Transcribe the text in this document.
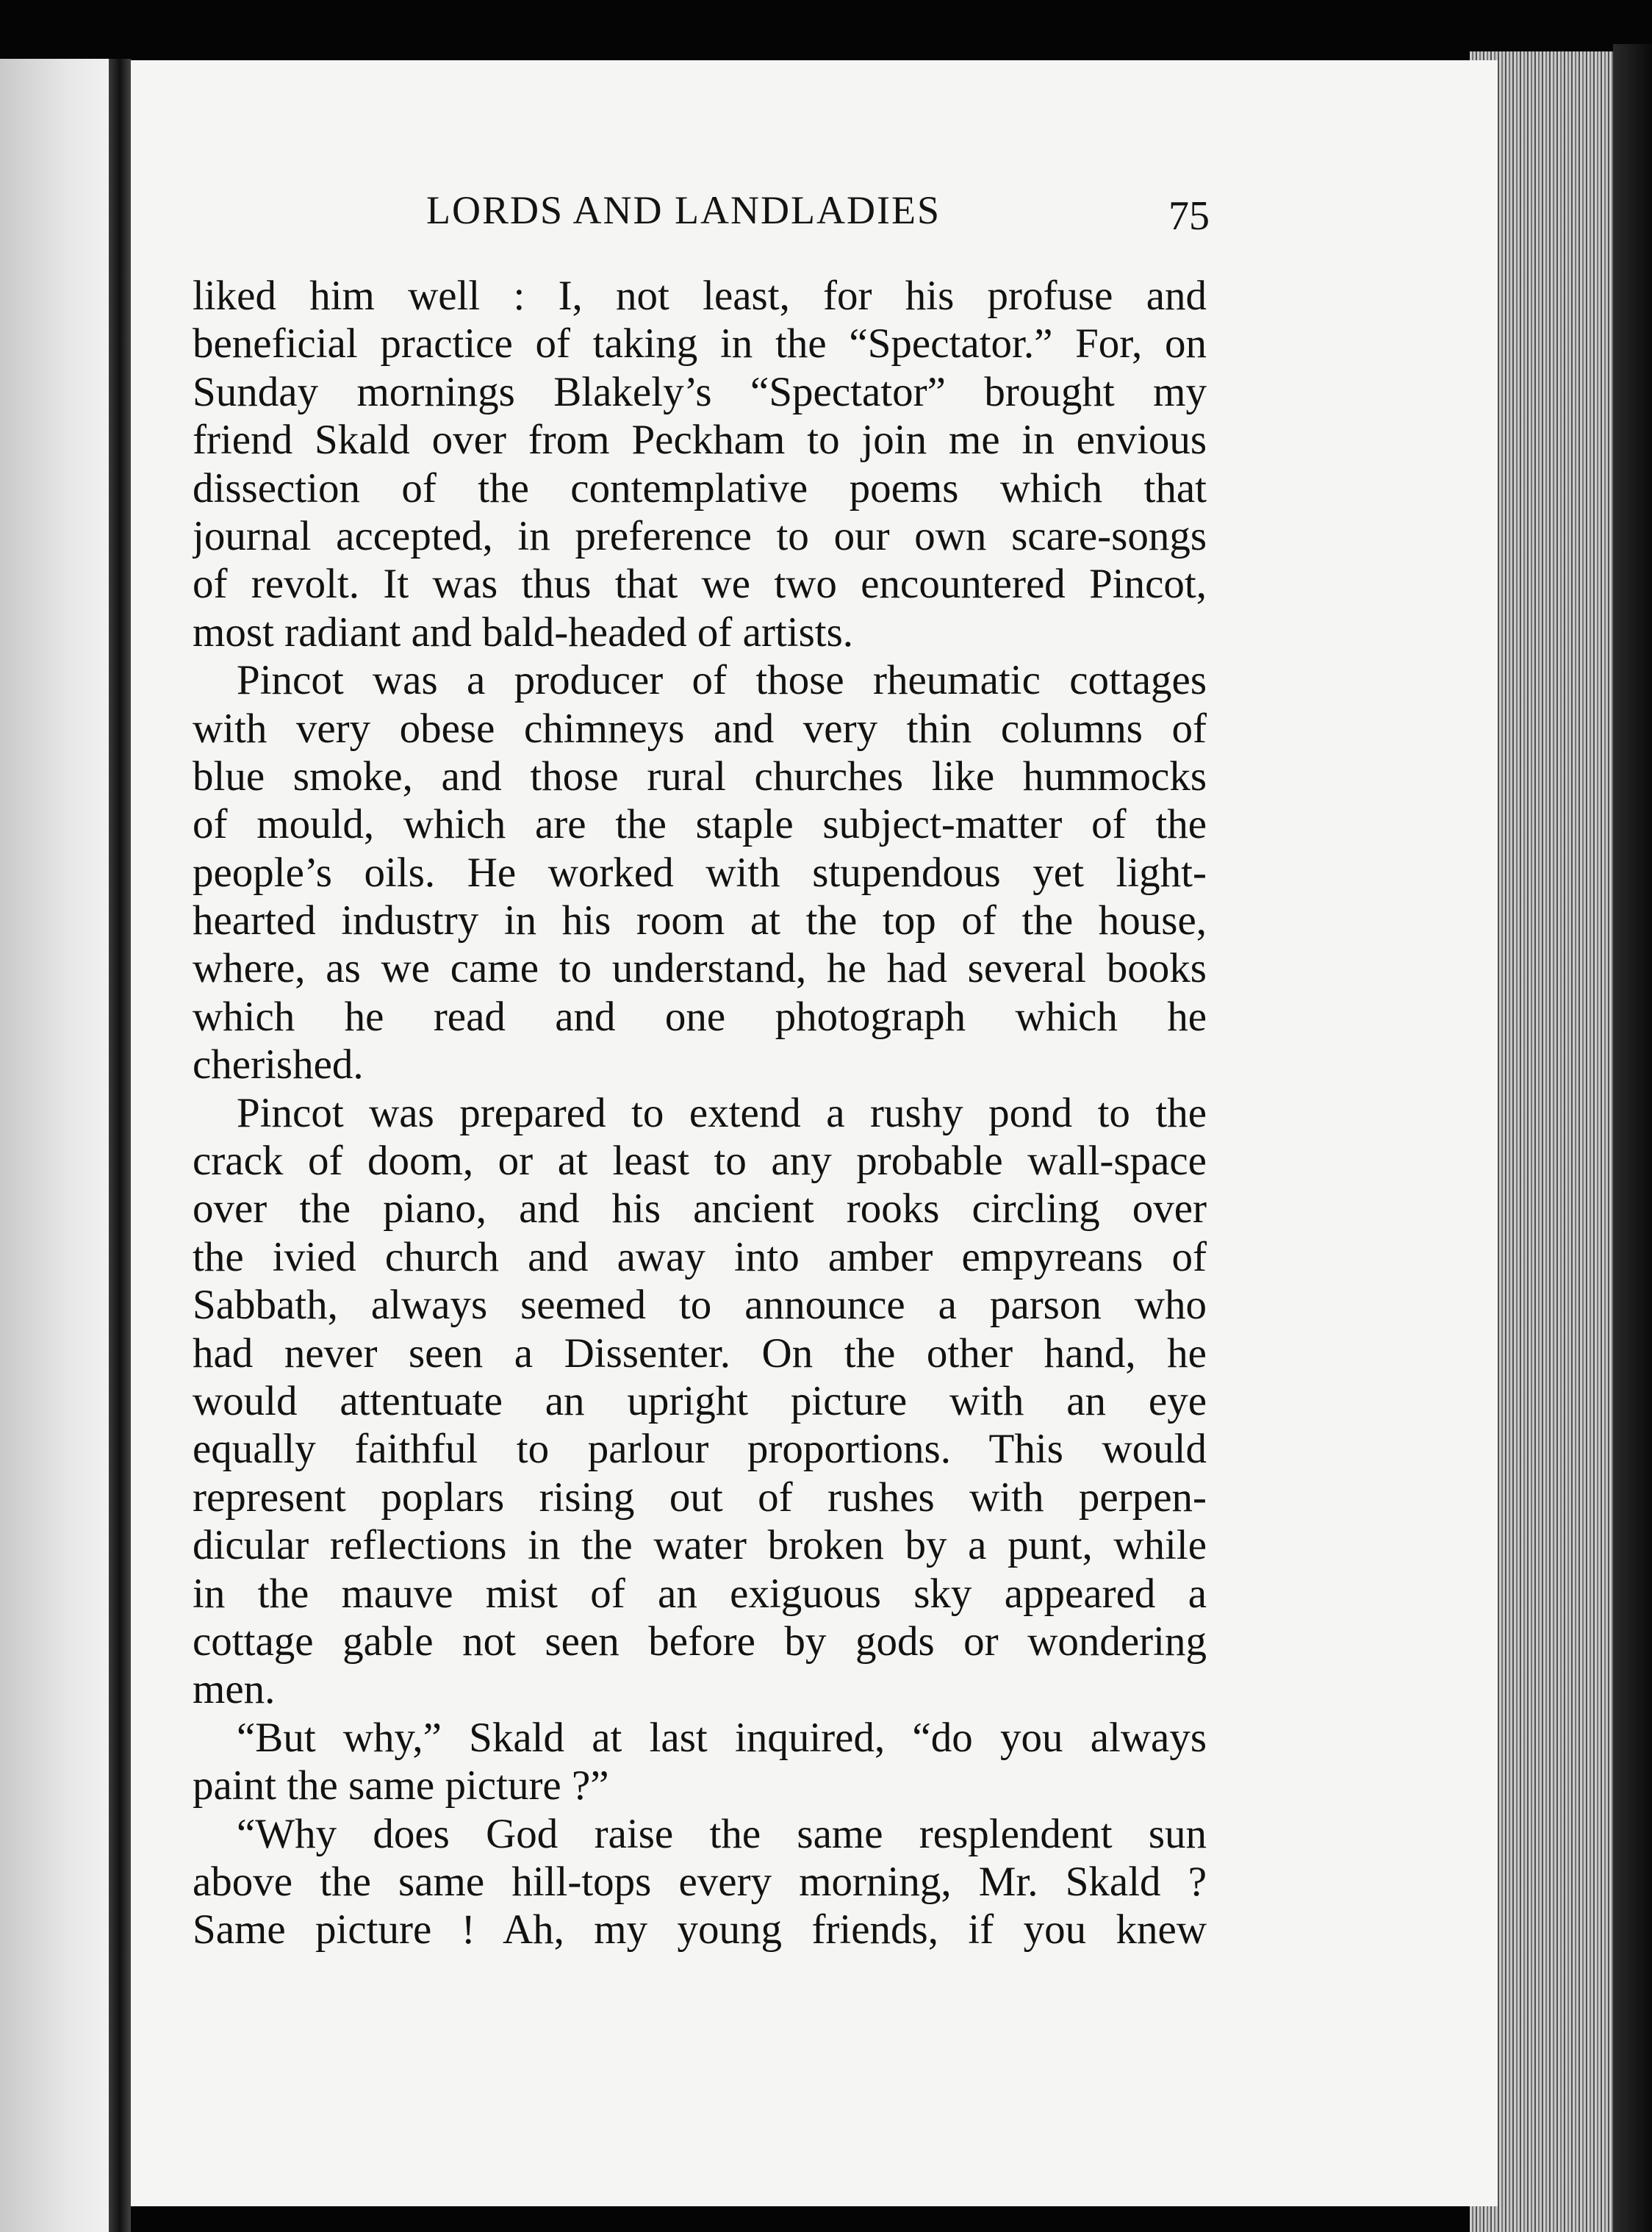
LORDS AND LANDLADIES	75
liked him well : I, not least, for his profuse and
beneficial practice of taking in the “Spectator.” For, on
Sunday mornings Blakely’s “Spectator” brought my
friend Skald over from Peckham to join me in envious
dissection of the contemplative poems which that
journal accepted, in preference to our own scare-songs
of revolt. It was thus that we two encountered Pincot,
most radiant and bald-headed of artists.
Pincot was a producer of those rheumatic cottages
with very obese chimneys and very thin columns of
blue smoke, and those rural churches like hummocks
of mould, which are the staple subject-matter of the
people’s oils. He worked with stupendous yet light-
hearted industry in his room at the top of the house,
where, as we came to understand, he had several books
which he read and one photograph which he
cherished.
Pincot was prepared to extend a rushy pond to the
crack of doom, or at least to any probable wall-space
over the piano, and his ancient rooks circling over
the ivied church and away into amber empyreans of
Sabbath, always seemed to announce a parson who
had never seen a Dissenter. On the other hand, he
would attentuate an upright picture with an eye
equally faithful to parlour proportions. This would
represent poplars rising out of rushes with perpen-
dicular reflections in the water broken by a punt, while
in the mauve mist of an exiguous sky appeared a
cottage gable not seen before by gods or wondering
men.
“But why,” Skald at last inquired, “do you always
paint the same picture ?”
“Why does God raise the same resplendent sun
above the same hill-tops every morning, Mr. Skald ?
Same picture ! Ah, my young friends, if you knew
